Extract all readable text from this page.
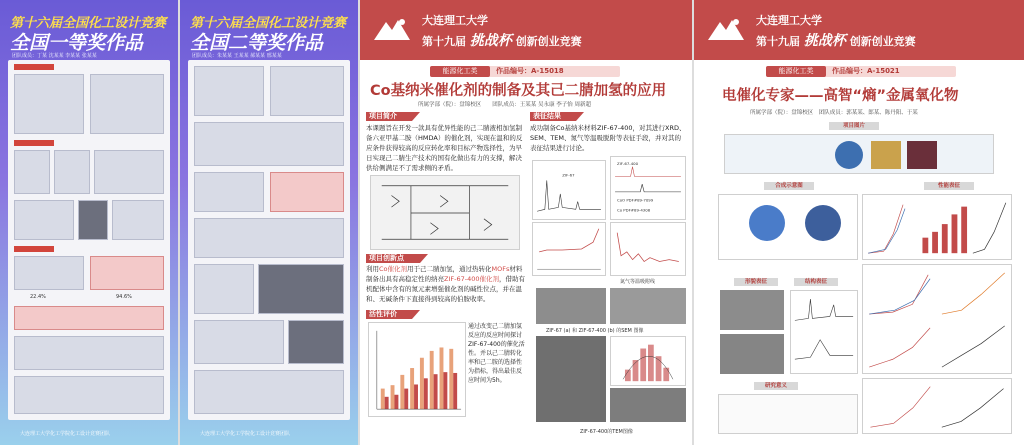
第十六届全国化工设计竞赛
全国一等奖作品
团队成员：丁某 沈某某 李某某 张某某
22.4%	94.6%
大连理工大学化工学院化工设计竞赛团队
第十六届全国化工设计竞赛
全国二等奖作品
团队成员：朱某某 王某某 郝某某 邢某某
大连理工大学化工学院化工设计竞赛团队
大连理工大学
第十九届 挑战杯 创新创业竞赛
能源化工类	作品编号：A-15018
Co基纳米催化剂的制备及其己二腈加氢的应用
所属学部（院）：盘锦校区　　团队成员：王某某 吴永康 李子怡 周新超
项目简介
本课题旨在开发一款具有优异性能的己二腈液相加氢制备六亚甲基二胺（HMDA）的催化剂，实现在温和的反应条件获得较高的反应转化率和目标产物选择性，为早日实现己二腈生产技术的国有化做出有力的支撑，解决供给侧满足不了需求侧的矛盾。
项目创新点
利用Co催化剂用于己二腈加氢，通过热转化MOFs材料制备出具有高稳定性的纳亮ZIF-67-400催化剂，借助有机配体中含有的氮元素增强催化剂的碱性位点，并在温和、无碱条件下直接得到较高的伯胺收率。
活性评价
通过改变己二腈加氢反应的反应时间探讨ZIF-67-400的催化活性。并以己二腈转化率和己二胺的选择性为指标，得出最佳反应时间为5h。
表征结果
成功制备Co基纳米材料ZIF-67-400，对其进行XRD、SEM、TEM、氮气等温吸脱附等表征手段，并对其的表征结果进行讨论。
ZIF-67
ZIF-67-400
CoO PDF#89-7099
Co PDF#89-4308
氮气等温吸附线
ZIF-67 (a) 和 ZIF-67-400 (b) 的SEM 图像
ZIF-67-400的TEM图像
大连理工大学
第十九届 挑战杯 创新创业竞赛
能源化工类	作品编号：A-15021
电催化专家——高智“熵”金属氧化物
所属学部（院）：盘锦校区　团队成员：郭某某、郎某、陈丹阳、于某
项目图片
合成示意图	性能表征
形貌表征	结构表征
研究意义
